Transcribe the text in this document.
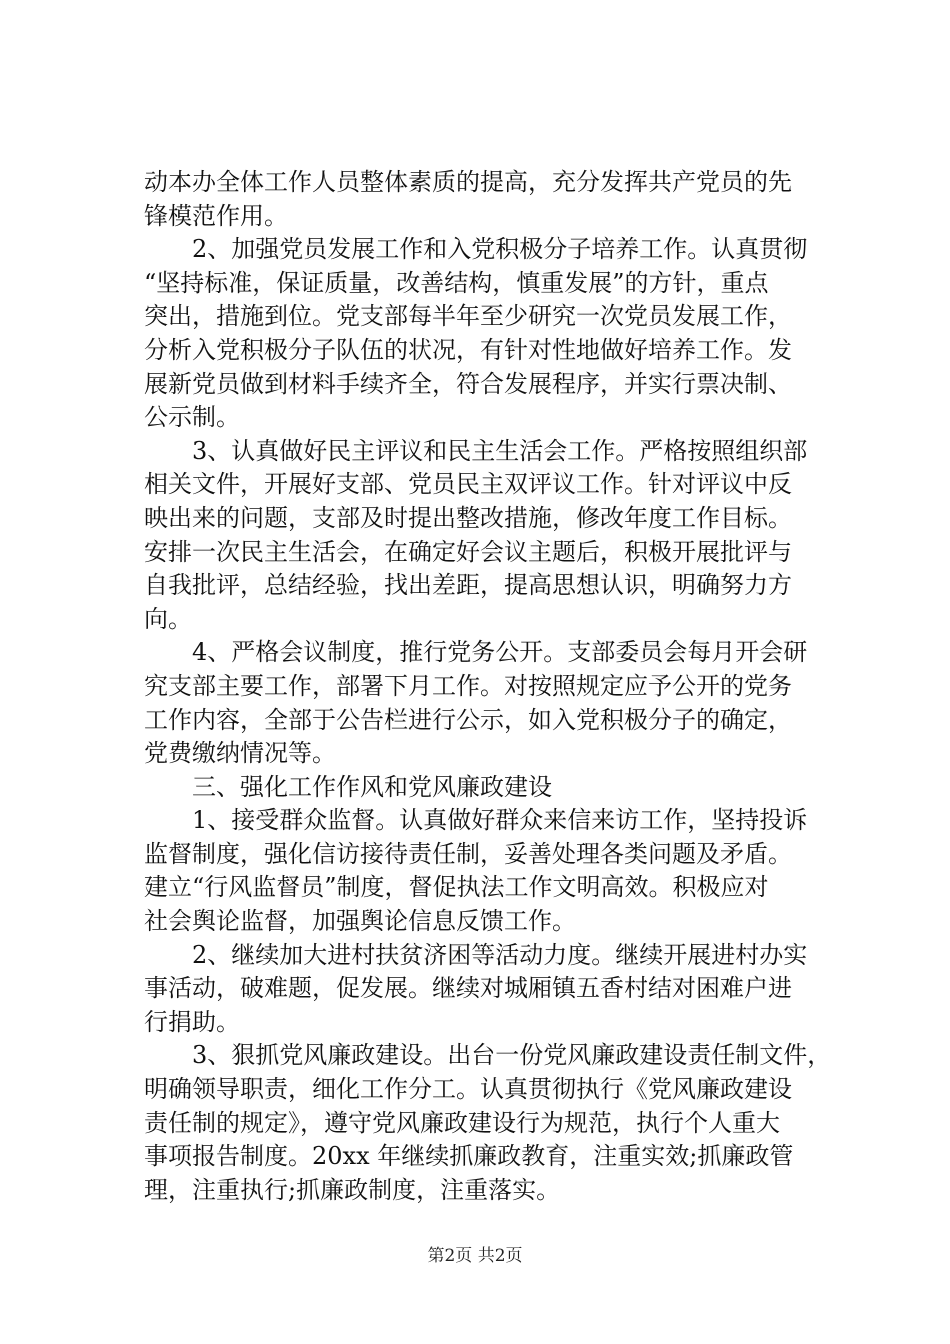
动本办全体工作人员整体素质的提高，充分发挥共产党员的先
锋模范作用。
2、加强党员发展工作和入党积极分子培养工作。认真贯彻
“坚持标准，保证质量，改善结构，慎重发展”的方针，重点
突出，措施到位。党支部每半年至少研究一次党员发展工作，
分析入党积极分子队伍的状况，有针对性地做好培养工作。发
展新党员做到材料手续齐全，符合发展程序，并实行票决制、
公示制。
3、认真做好民主评议和民主生活会工作。严格按照组织部
相关文件，开展好支部、党员民主双评议工作。针对评议中反
映出来的问题，支部及时提出整改措施，修改年度工作目标。
安排一次民主生活会，在确定好会议主题后，积极开展批评与
自我批评，总结经验，找出差距，提高思想认识，明确努力方
向。
4、严格会议制度，推行党务公开。支部委员会每月开会研
究支部主要工作，部署下月工作。对按照规定应予公开的党务
工作内容，全部于公告栏进行公示，如入党积极分子的确定，
党费缴纳情况等。
三、强化工作作风和党风廉政建设
1、接受群众监督。认真做好群众来信来访工作，坚持投诉
监督制度，强化信访接待责任制，妥善处理各类问题及矛盾。
建立“行风监督员”制度，督促执法工作文明高效。积极应对
社会舆论监督，加强舆论信息反馈工作。
2、继续加大进村扶贫济困等活动力度。继续开展进村办实
事活动，破难题，促发展。继续对城厢镇五香村结对困难户进
行捐助。
3、狠抓党风廉政建设。出台一份党风廉政建设责任制文件，
明确领导职责，细化工作分工。认真贯彻执行《党风廉政建设
责任制的规定》，遵守党风廉政建设行为规范，执行个人重大
事项报告制度。20xx 年继续抓廉政教育，注重实效;抓廉政管
理，注重执行;抓廉政制度，注重落实。
第2页 共2页
